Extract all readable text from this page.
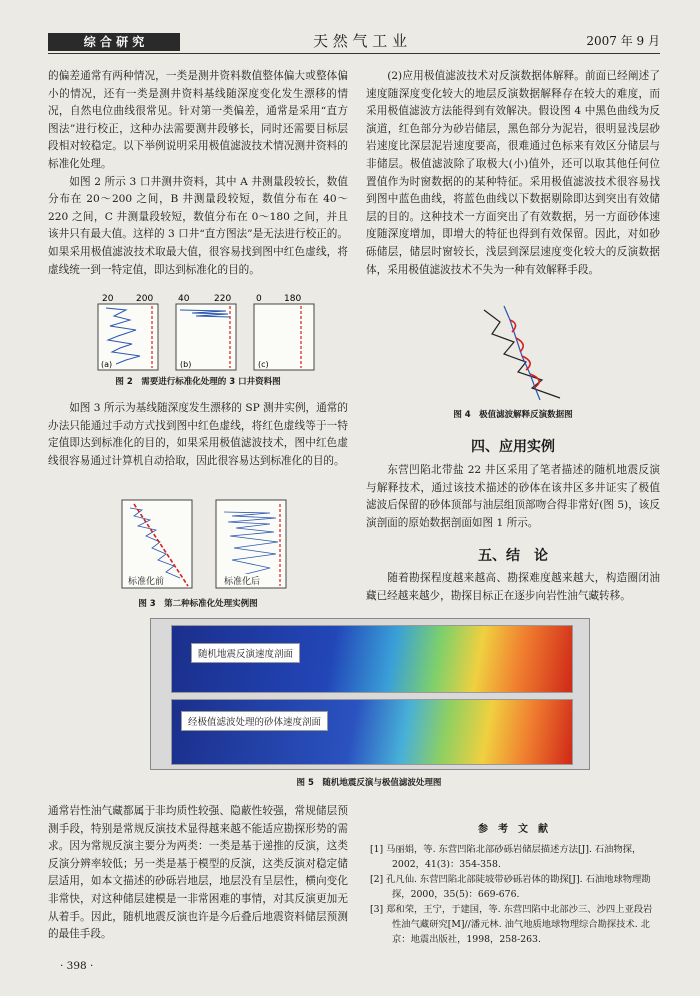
综 合 研 究	天 然 气 工 业	2007 年 9 月

的偏差通常有两种情况，一类是测井资料数值整体偏大或整体偏小的情况，还有一类是测井资料基线随深度变化发生漂移的情况，自然电位曲线很常见。针对第一类偏差，通常是采用“直方图法”进行校正，这种办法需要测井段够长，同时还需要目标层段相对较稳定。以下举例说明采用极值滤波技术情况测井资料的标准化处理。

如图 2 所示 3 口井测井资料，其中 A 井测量段较长，数值分布在 20～200 之间，B 井测量段较短，数值分布在 40～220 之间，C 井测量段较短，数值分布在 0～180 之间，并且该井只有最大值。这样的 3 口井“直方图法”是无法进行校正的。如果采用极值滤波技术取最大值，很容易找到图中红色虚线，将虚线统一到一特定值，即达到标准化的目的。

20	200
(a)
40	220
(b)
0 180
(c)
图 2　需要进行标准化处理的 3 口井资料图

如图 3 所示为基线随深度发生漂移的 SP 测井实例，通常的办法只能通过手动方式找到图中红色虚线，将红色虚线等于一特定值即达到标准化的目的，如果采用极值滤波技术，图中红色虚线很容易通过计算机自动拾取，因此很容易达到标准化的目的。

标准化前	标准化后
图 3　第二种标准化处理实例图
随机地震反演速度剖面
经极值滤波处理的砂体速度剖面
图 5　随机地震反演与极值滤波处理图

通常岩性油气藏都属于非均质性较强、隐蔽性较强，常规储层预测手段，特别是常规反演技术显得越来越不能适应勘探形势的需求。因为常规反演主要分为两类：一类是基于递推的反演，这类反演分辨率较低；另一类是基于模型的反演，这类反演对稳定储层适用，如本文描述的砂砾岩地层，地层没有呈层性，横向变化非常快，对这种储层建模是一非常困难的事情，对其反演更加无从着手。因此，随机地震反演也许是今后叠后地震资料储层预测的最佳手段。

(2)应用极值滤波技术对反演数据体解释。前面已经阐述了速度随深度变化较大的地层反演数据解释存在较大的难度，而采用极值滤波方法能得到有效解决。假设图 4 中黑色曲线为反演道，红色部分为砂岩储层，黑色部分为泥岩，很明显浅层砂岩速度比深层泥岩速度要高，很难通过色标来有效区分储层与非储层。极值滤波除了取极大(小)值外，还可以取其他任何位置值作为时窗数据的的某种特征。采用极值滤波技术很容易找到图中蓝色曲线，将蓝色曲线以下数据剔除即达到突出有效储层的目的。这种技术一方面突出了有效数据，另一方面砂体速度随深度增加，即增大的特征也得到有效保留。因此，对如砂砾储层，储层时窗较长，浅层到深层速度变化较大的反演数据体，采用极值滤波技术不失为一种有效解释手段。

图 4　极值滤波解释反演数据图
四、应用实例

东营凹陷北带盐 22 井区采用了笔者描述的随机地震反演与解释技术，通过该技术描述的砂体在该井区多井证实了极值滤波后保留的砂体顶部与油层组顶部吻合得非常好(图 5)，该反演剖面的原始数据剖面如图 1 所示。

五、结　论

随着勘探程度越来越高、勘探难度越来越大，构造圈闭油藏已经越来越少，勘探目标正在逐步向岩性油气藏转移。

参　考　文　献

[1] 马丽娟，等. 东营凹陷北部砂砾岩储层描述方法[J]. 石油物探，2002，41(3)：354-358.

[2] 孔凡仙. 东营凹陷北部陡坡带砂砾岩体的勘探[J]. 石油地球物理勘探，2000，35(5)：669-676.

[3] 郑和荣，王宁，于建国，等. 东营凹陷中北部沙三、沙四上亚段岩性油气藏研究[M]//潘元林. 油气地质地球物理综合勘探技术. 北京：地震出版社，1998，258-263.

· 398 ·
